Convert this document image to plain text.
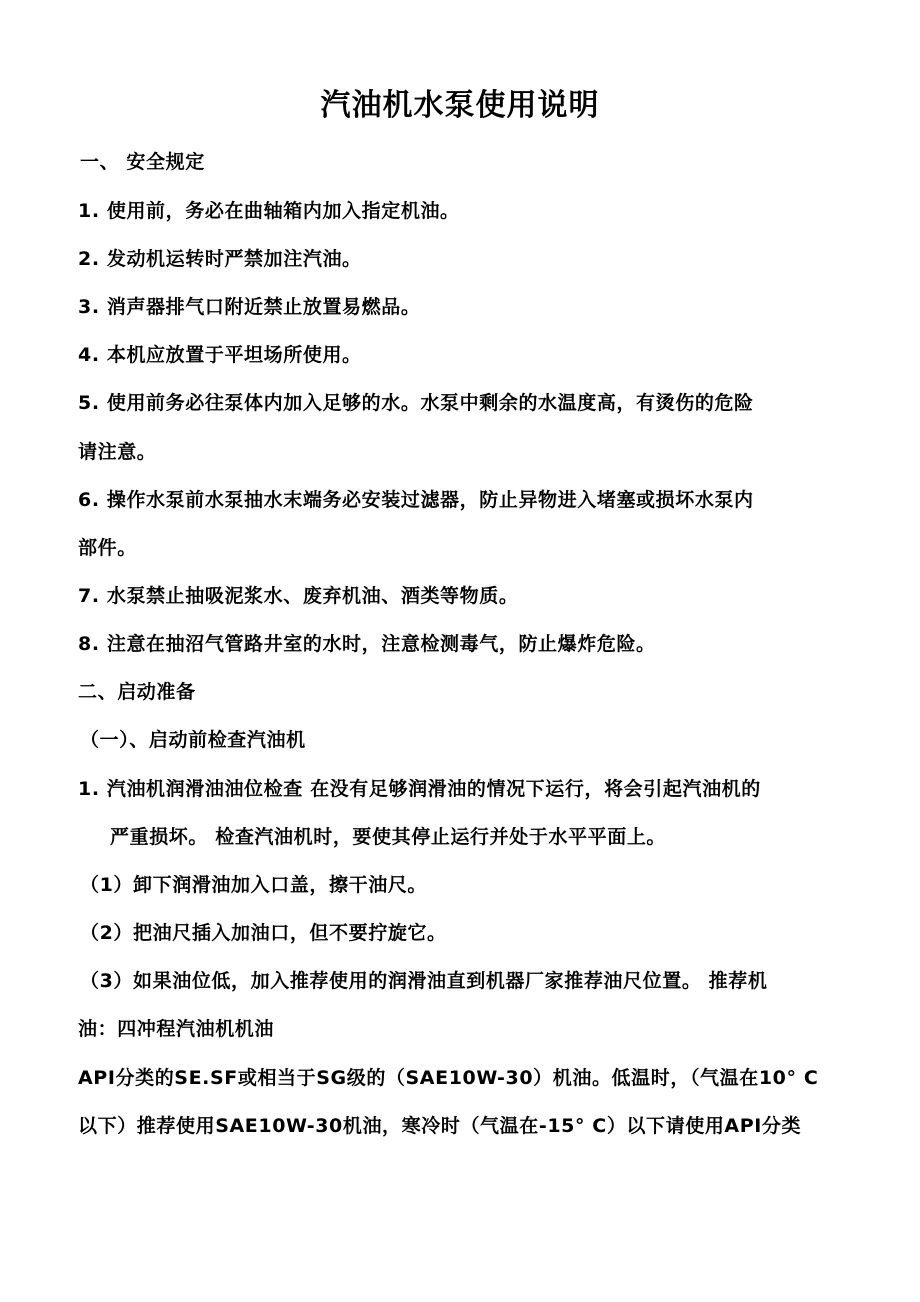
汽油机水泵使用说明
一、 安全规定
1. 使用前，务必在曲轴箱内加入指定机油。
2. 发动机运转时严禁加注汽油。
3. 消声器排气口附近禁止放置易燃品。
4. 本机应放置于平坦场所使用。
5. 使用前务必往泵体内加入足够的水。水泵中剩余的水温度高，有烫伤的危险
请注意。
6. 操作水泵前水泵抽水末端务必安装过滤器，防止异物进入堵塞或损坏水泵内
部件。
7. 水泵禁止抽吸泥浆水、废弃机油、酒类等物质。
8. 注意在抽沼气管路井室的水时，注意检测毒气，防止爆炸危险。
二、启动准备
（一）、启动前检查汽油机
1. 汽油机润滑油油位检查 在没有足够润滑油的情况下运行，将会引起汽油机的
严重损坏。 检查汽油机时，要使其停止运行并处于水平平面上。
（1）卸下润滑油加入口盖，擦干油尺。
（2）把油尺插入加油口，但不要拧旋它。
（3）如果油位低，加入推荐使用的润滑油直到机器厂家推荐油尺位置。 推荐机
油：四冲程汽油机机油
API分类的SE.SF或相当于SG级的（SAE10W-30）机油。低温时，（气温在10° C
以下）推荐使用SAE10W-30机油，寒冷时（气温在-15° C）以下请使用API分类
